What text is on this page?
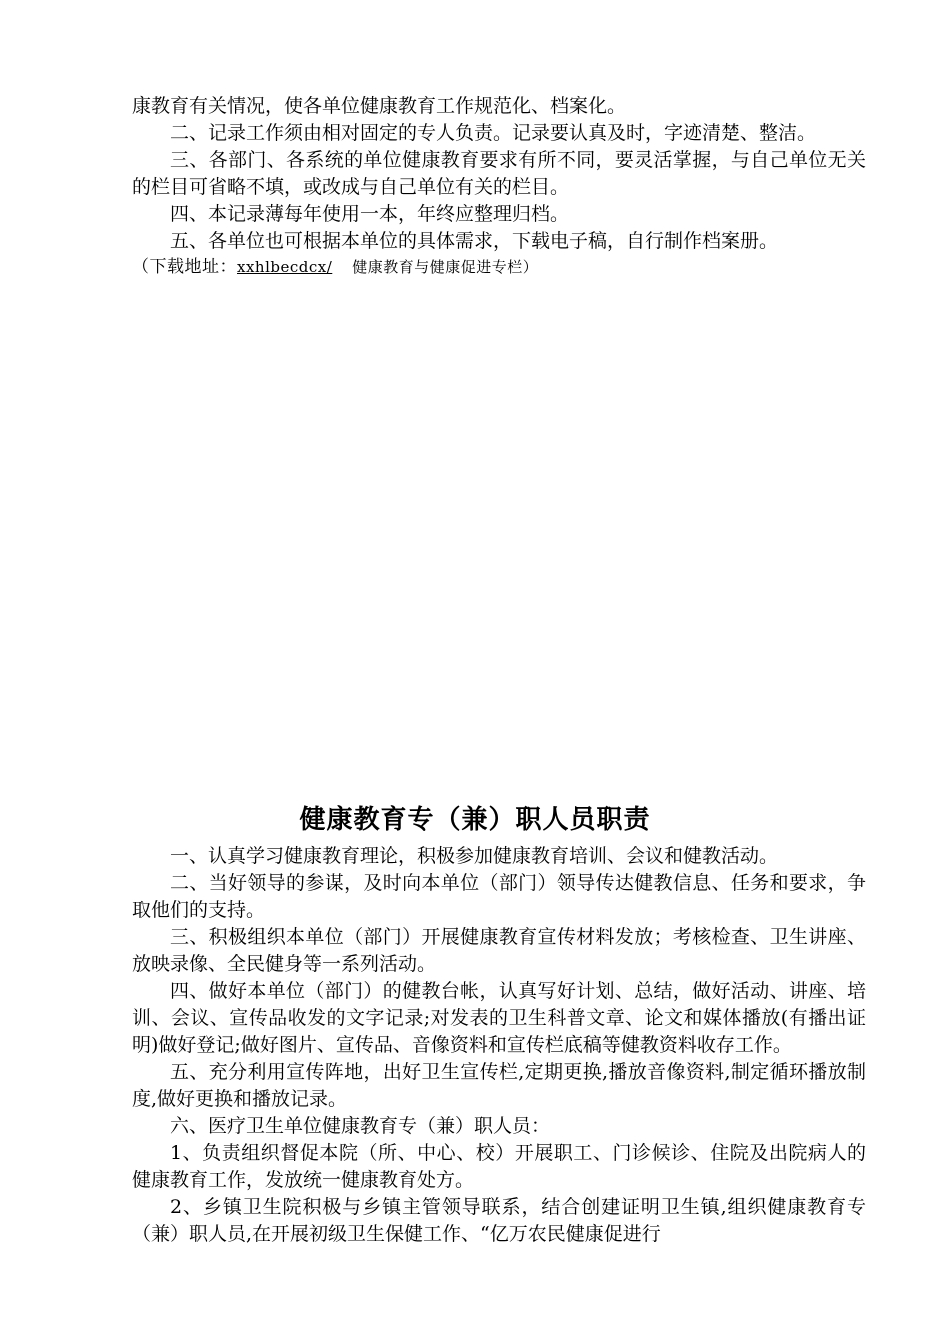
康教育有关情况，使各单位健康教育工作规范化、档案化。

二、记录工作须由相对固定的专人负责。记录要认真及时，字迹清楚、整洁。

三、各部门、各系统的单位健康教育要求有所不同，要灵活掌握，与自己单位无关的栏目可省略不填，或改成与自己单位有关的栏目。

四、本记录薄每年使用一本，年终应整理归档。

五、各单位也可根据本单位的具体需求，下载电子稿，自行制作档案册。

（下载地址：xxhlbecdcx/ 健康教育与健康促进专栏）

健康教育专（兼）职人员职责

一、认真学习健康教育理论，积极参加健康教育培训、会议和健教活动。

二、当好领导的参谋，及时向本单位（部门）领导传达健教信息、任务和要求，争取他们的支持。

三、积极组织本单位（部门）开展健康教育宣传材料发放；考核检查、卫生讲座、放映录像、全民健身等一系列活动。

四、做好本单位（部门）的健教台帐，认真写好计划、总结，做好活动、讲座、培训、会议、宣传品收发的文字记录;对发表的卫生科普文章、论文和媒体播放(有播出证明)做好登记;做好图片、宣传品、音像资料和宣传栏底稿等健教资料收存工作。

五、充分利用宣传阵地，出好卫生宣传栏,定期更换,播放音像资料,制定循环播放制度,做好更换和播放记录。

六、医疗卫生单位健康教育专（兼）职人员：

1、负责组织督促本院（所、中心、校）开展职工、门诊候诊、住院及出院病人的健康教育工作，发放统一健康教育处方。

2、乡镇卫生院积极与乡镇主管领导联系，结合创建证明卫生镇,组织健康教育专（兼）职人员,在开展初级卫生保健工作、“亿万农民健康促进行
